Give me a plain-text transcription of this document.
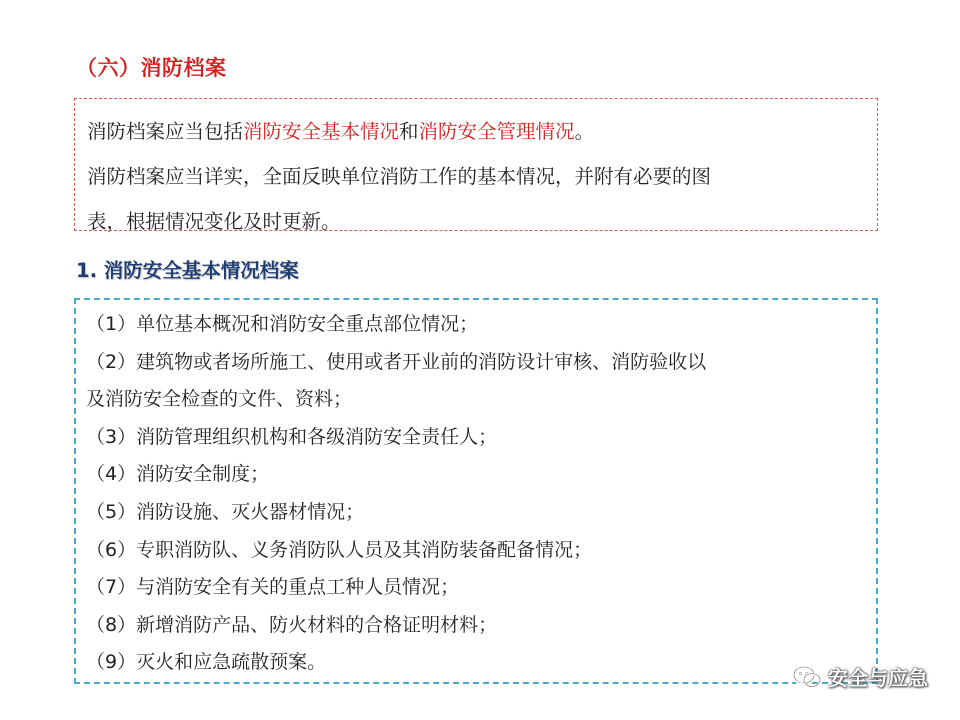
（六）消防档案
消防档案应当包括消防安全基本情况和消防安全管理情况。
消防档案应当详实，全面反映单位消防工作的基本情况，并附有必要的图
表，根据情况变化及时更新。
1. 消防安全基本情况档案
（1）单位基本概况和消防安全重点部位情况；
（2）建筑物或者场所施工、使用或者开业前的消防设计审核、消防验收以
及消防安全检查的文件、资料；
（3）消防管理组织机构和各级消防安全责任人；
（4）消防安全制度；
（5）消防设施、灭火器材情况；
（6）专职消防队、义务消防队人员及其消防装备配备情况；
（7）与消防安全有关的重点工种人员情况；
（8）新增消防产品、防火材料的合格证明材料；
（9）灭火和应急疏散预案。
安全与应急
